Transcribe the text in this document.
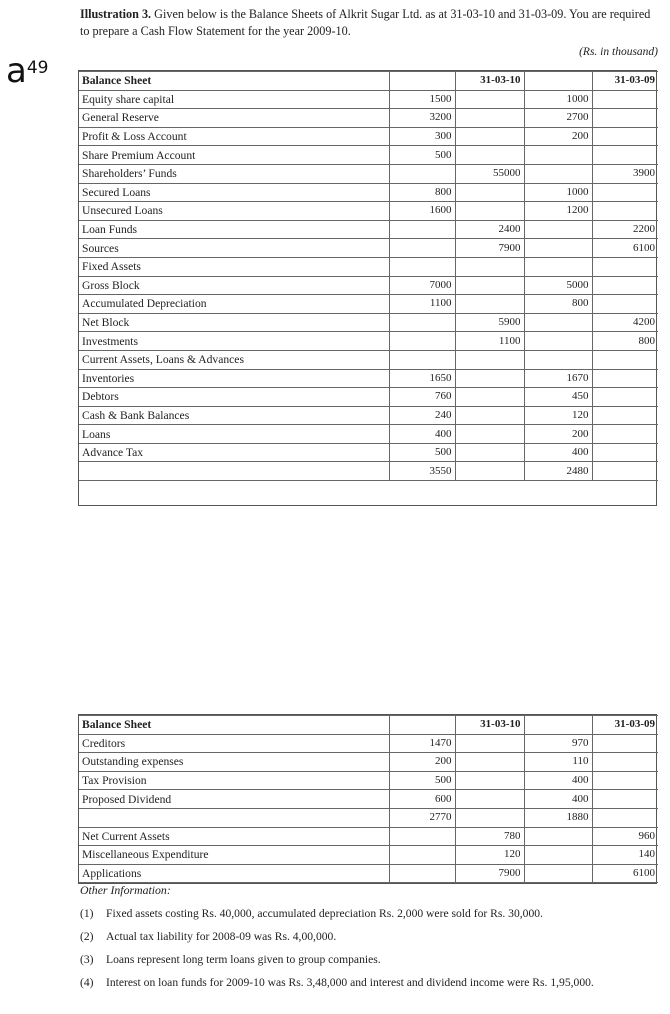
Illustration 3. Given below is the Balance Sheets of Alkrit Sugar Ltd. as at 31-03-10 and 31-03-09. You are required to prepare a Cash Flow Statement for the year 2009-10.
(Rs. in thousand)
$a^{49}$
Balance Sheet		31-03-10		31-03-09
Equity share capital	1500		1000	
General Reserve	3200		2700	
Profit & Loss Account	300		200	
Share Premium Account	500			
Shareholders’ Funds		55000		3900
Secured Loans	800		1000	
Unsecured Loans	1600		1200	
Loan Funds		2400		2200
Sources		7900		6100
Fixed Assets				
Gross Block	7000		5000	
Accumulated Depreciation	1100		800	
Net Block		5900		4200
Investments		1100		800
Current Assets, Loans & Advances				
Inventories	1650		1670	
Debtors	760		450	
Cash & Bank Balances	240		120	
Loans	400		200	
Advance Tax	500		400	
	3550		2480	
Balance Sheet		31-03-10		31-03-09
Creditors	1470		970	
Outstanding expenses	200		110	
Tax Provision	500		400	
Proposed Dividend	600		400	
	2770		1880	
Net Current Assets		780		960
Miscellaneous Expenditure		120		140
Applications		7900		6100
Other Information:
(1)	Fixed assets costing Rs. 40,000, accumulated depreciation Rs. 2,000 were sold for Rs. 30,000.
(2)	Actual tax liability for 2008-09 was Rs. 4,00,000.
(3)	Loans represent long term loans given to group companies.
(4)	Interest on loan funds for 2009-10 was Rs. 3,48,000 and interest and dividend income were Rs. 1,95,000.
